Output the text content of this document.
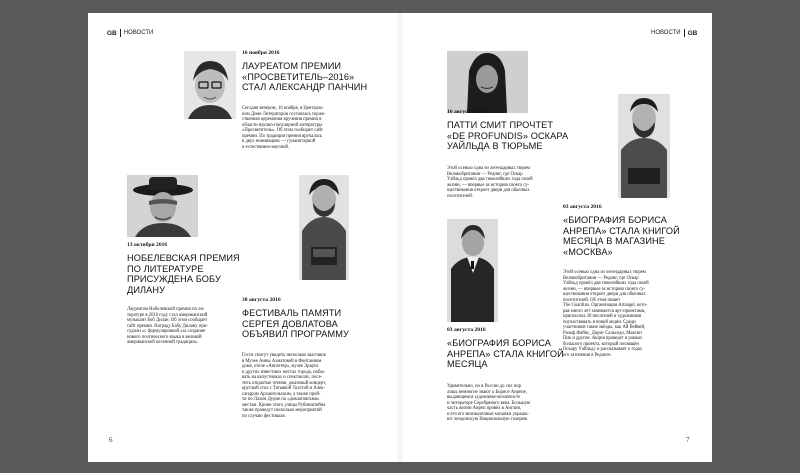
GB НОВОСТИ	НОВОСТИ GB
16 ноября 2016
ЛАУРЕАТОМ ПРЕМИИ
«ПРОСВЕТИТЕЛЬ–2016»
СТАЛ АЛЕКСАНДР ПАНЧИН
Сегодня вечером, 16 ноября, в Централь-
ном Доме Литераторов состоялась торже-
ственная церемония вручения премии в
области научно-популярной литературы
«Просветитель». Об этом сообщает сайт
премии. По традиции премия вручалась
в двух номинациях — гуманитарной
и естественно-научной.
13 октября 2016
НОБЕЛЕВСКАЯ ПРЕМИЯ
ПО ЛИТЕРАТУРЕ
ПРИСУЖДЕНА БОБУ
ДИЛАНУ
Лауреатом Нобелевской премии по ли-
тературе в 2016 году стал американский
музыкант Боб Дилан. Об этом сообщает
сайт премии. Награду Бобу Дилану при-
судили «с формулировкой «за создание
нового поэтического языка в великой
американской песенной традиции».
30 августа 2016
ФЕСТИВАЛЬ ПАМЯТИ
СЕРГЕЯ ДОВЛАТОВА
ОБЪЯВИЛ ПРОГРАММУ
Гости смогут увидеть несколько выставок
в Музее Анны Ахматовой в Фонтанном
доме, отеле «Англетер», музее Эрарта
и других известных местах города, побы-
вать на капустниках и спектаклях, посе-
тить открытые чтения, джазовый концерт,
круглый стол с Татьяной Толстой и Алек-
сандром Архангельским, а также прой-
ти по Лахом Дурне по «довлатовским»
местам. Кроме этого улицы Рубинштейна
также проведут несколько мероприятий
по случаю фестиваля.
6
16 августа 2016
ПАТТИ СМИТ ПРОЧТЕТ
«DE PROFUNDIS» ОСКАРА
УАЙЛЬДА В ТЮРЬМЕ
Этой осенью одна из легендарных тюрем
Великобритании — Рединг, где Оскар
Уайльд провёл два тяжелейших года своей
жизни, — впервые за историю своего су-
ществования откроет двери для обычных
посетителей.
03 августа 2016
«БИОГРАФИЯ БОРИСА
АНРЕПА» СТАЛА КНИГОЙ
МЕСЯЦА
Удивительно, но в России до сих пор
лишь немногие знают о Борисе Анрепе,
выдающемся художнике-мозаичисте
и литераторе Серебряного века. Большую
часть жизни Анреп провёл в Англии,
и его его великолепные мозаики украша-
ют лондонскую Национальную галерею.
03 августа 2016
«БИОГРАФИЯ БОРИСА
АНРЕПА» СТАЛА КНИГОЙ
МЕСЯЦА В МАГАЗИНЕ
«МОСКВА»
Этой осенью одна из легендарных тюрем
Великобритании — Рединг, где Оскар
Уайльд провёл два тяжелейших года своей
жизни, — впервые за историю своего су-
ществования откроет двери для обычных
посетителей. Об этом пишет
The Guardian. Организация Artangel, кото-
рая много лет занимается арт-проектами,
пригласила 30 писателей и художников
поучаствовать в новой акции. Среди
участников такие звёзды, как Ай Вейвей,
Ральф Файнс, Дорис Сальседо, Максин
Пик и другие. Акция проведет в рамках
большого проекта, который посвящён
Оскару Уайльду и рассказывает о годах
его заточения в Рединге.
7
